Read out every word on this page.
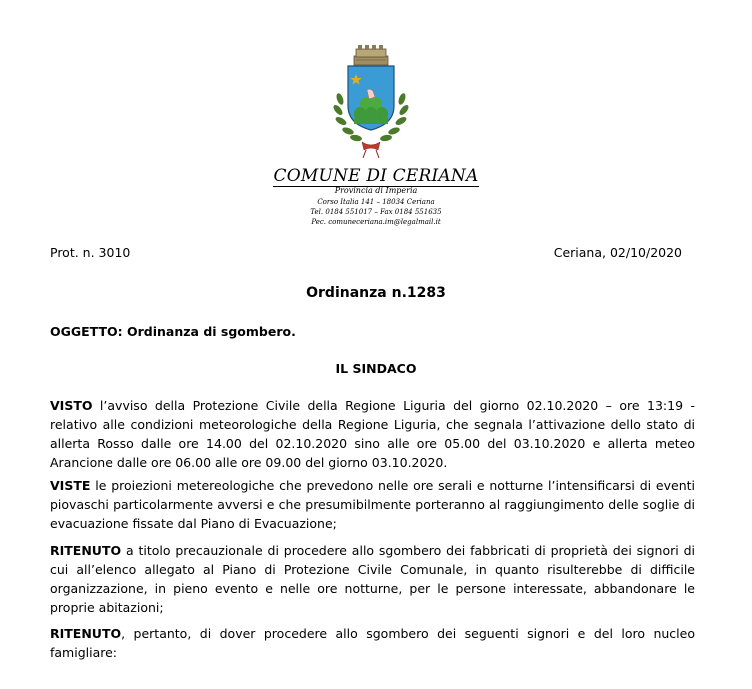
COMUNE DI CERIANA
Provincia di Imperia
Corso Italia 141 – 18034 Ceriana
Tel. 0184 551017 – Fax 0184 551635
Pec. comuneceriana.im@legalmail.it
Prot. n. 3010	Ceriana, 02/10/2020
Ordinanza n.1283
OGGETTO: Ordinanza di sgombero.
IL SINDACO
VISTO l’avviso della Protezione Civile della Regione Liguria del giorno 02.10.2020 – ore 13:19 - relativo alle condizioni meteorologiche della Regione Liguria, che segnala l’attivazione dello stato di allerta Rosso dalle ore 14.00 del 02.10.2020 sino alle ore 05.00 del 03.10.2020 e allerta meteo Arancione dalle ore 06.00 alle ore 09.00 del giorno 03.10.2020.
VISTE le proiezioni metereologiche che prevedono nelle ore serali e notturne l’intensificarsi di eventi piovaschi particolarmente avversi e che presumibilmente porteranno al raggiungimento delle soglie di evacuazione fissate dal Piano di Evacuazione;
RITENUTO a titolo precauzionale di procedere allo sgombero dei fabbricati di proprietà dei signori di cui all’elenco allegato al Piano di Protezione Civile Comunale, in quanto risulterebbe di difficile organizzazione, in pieno evento e nelle ore notturne, per le persone interessate, abbandonare le proprie abitazioni;
RITENUTO, pertanto, di dover procedere allo sgombero dei seguenti signori e del loro nucleo famigliare:
